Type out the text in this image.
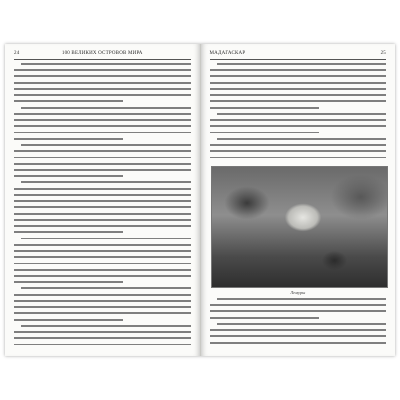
24	100 ВЕЛИКИХ ОСТРОВОВ МИРА	МАДАГАСКАР	25
Лемуры
